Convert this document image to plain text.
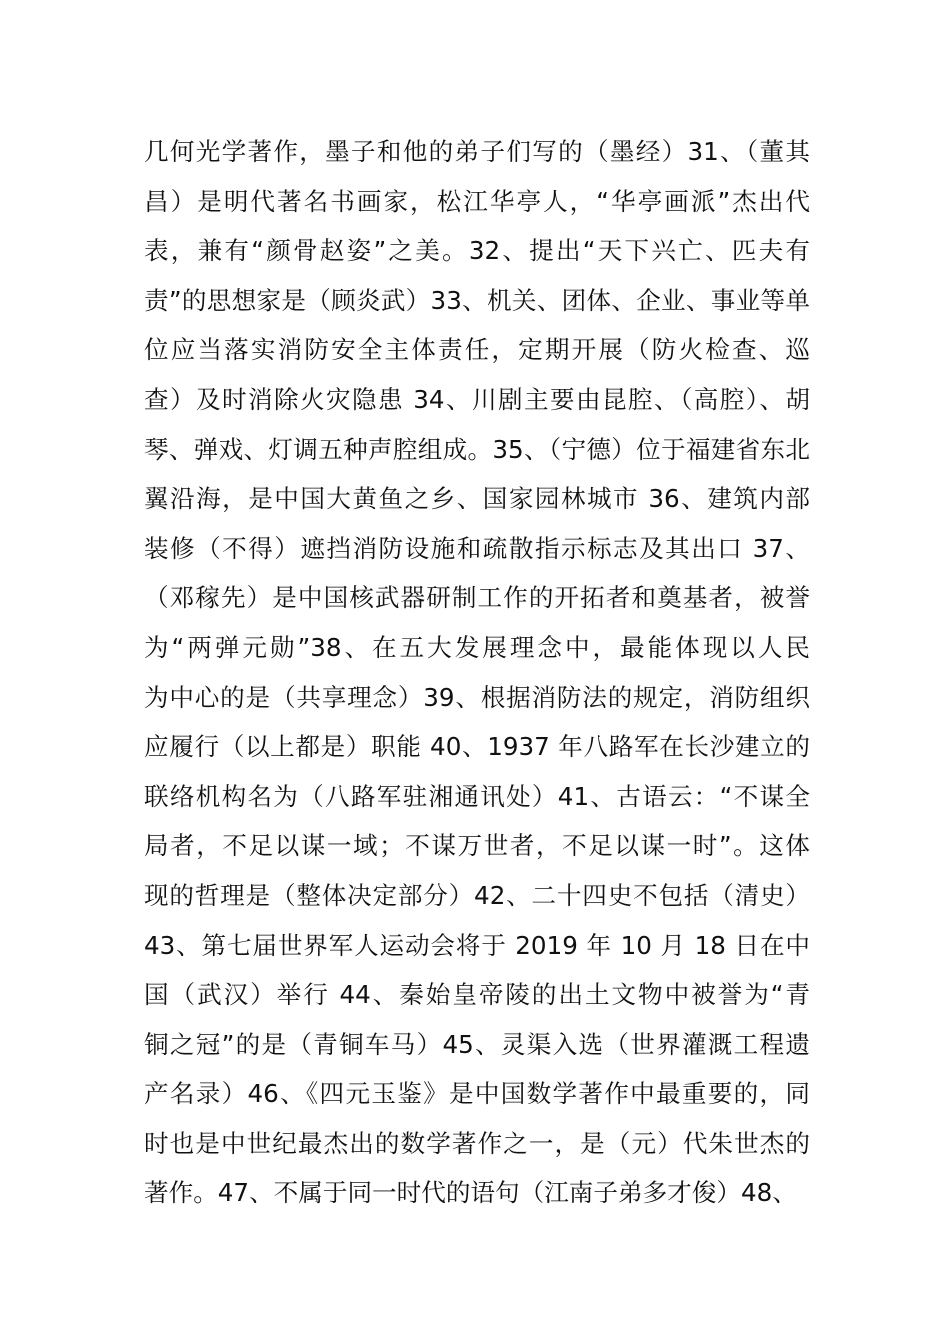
几何光学著作，墨子和他的弟子们写的（墨经）31、（董其
昌）是明代著名书画家，松江华亭人，“华亭画派”杰出代
表，兼有“颜骨赵姿”之美。32、提出“天下兴亡、匹夫有
责”的思想家是（顾炎武）33、机关、团体、企业、事业等单
位应当落实消防安全主体责任，定期开展（防火检查、巡
查）及时消除火灾隐患 34、川剧主要由昆腔、（高腔）、胡
琴、弹戏、灯调五种声腔组成。35、（宁德）位于福建省东北
翼沿海，是中国大黄鱼之乡、国家园林城市 36、建筑内部
装修（不得）遮挡消防设施和疏散指示标志及其出口 37、
（邓稼先）是中国核武器研制工作的开拓者和奠基者，被誉
为“两弹元勋”38、在五大发展理念中，最能体现以人民
为中心的是（共享理念）39、根据消防法的规定，消防组织
应履行（以上都是）职能 40、1937 年八路军在长沙建立的
联络机构名为（八路军驻湘通讯处）41、古语云：“不谋全
局者，不足以谋一域；不谋万世者，不足以谋一时”。这体
现的哲理是（整体决定部分）42、二十四史不包括（清史）
43、第七届世界军人运动会将于 2019 年 10 月 18 日在中
国（武汉）举行 44、秦始皇帝陵的出土文物中被誉为“青
铜之冠”的是（青铜车马）45、灵渠入选（世界灌溉工程遗
产名录）46、《四元玉鉴》是中国数学著作中最重要的，同
时也是中世纪最杰出的数学著作之一，是（元）代朱世杰的
著作。47、不属于同一时代的语句（江南子弟多才俊）48、
